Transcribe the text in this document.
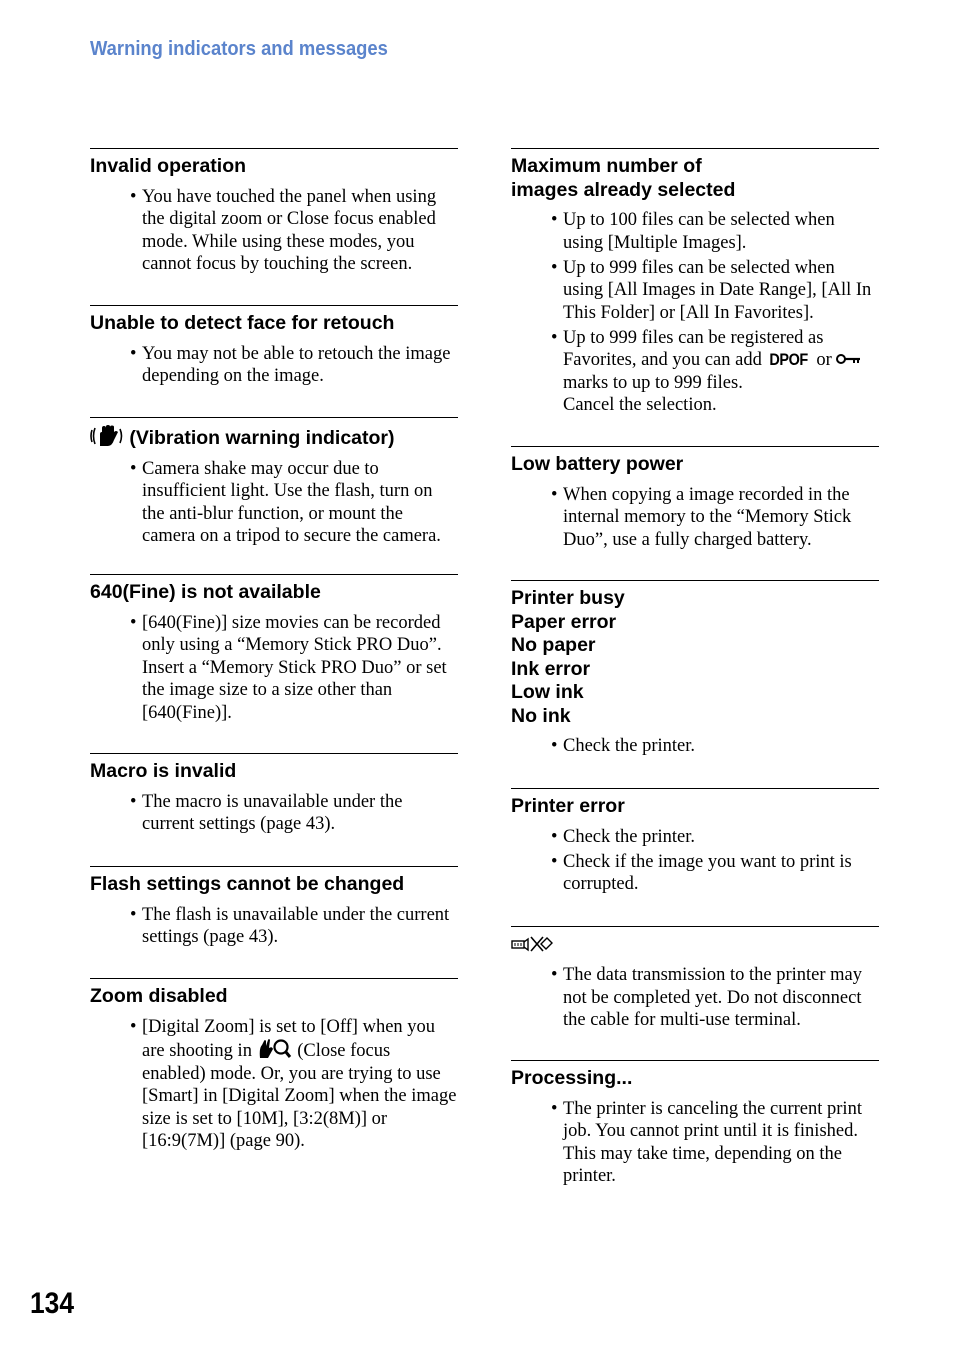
Warning indicators and messages
Invalid operation
• You have touched the panel when using the digital zoom or Close focus enabled mode. While using these modes, you cannot focus by touching the screen.
Unable to detect face for retouch
• You may not be able to retouch the image depending on the image.
(Vibration warning indicator)
• Camera shake may occur due to insufficient light. Use the flash, turn on the anti-blur function, or mount the camera on a tripod to secure the camera.
640(Fine) is not available
• [640(Fine)] size movies can be recorded only using a “Memory Stick PRO Duo”. Insert a “Memory Stick PRO Duo” or set the image size to a size other than [640(Fine)].
Macro is invalid
• The macro is unavailable under the current settings (page 43).
Flash settings cannot be changed
• The flash is unavailable under the current settings (page 43).
Zoom disabled
• [Digital Zoom] is set to [Off] when you are shooting in  (Close focus enabled) mode. Or, you are trying to use [Smart] in [Digital Zoom] when the image size is set to [10M], [3:2(8M)] or [16:9(7M)] (page 90).
Maximum number of
images already selected
• Up to 100 files can be selected when using [Multiple Images].
• Up to 999 files can be selected when using [All Images in Date Range], [All In This Folder] or [All In Favorites].
• Up to 999 files can be registered as Favorites, and you can add DPOF or  marks to up to 999 files.
Cancel the selection.
Low battery power
• When copying a image recorded in the internal memory to the “Memory Stick Duo”, use a fully charged battery.
Printer busy
Paper error
No paper
Ink error
Low ink
No ink
• Check the printer.
Printer error
• Check the printer.
• Check if the image you want to print is corrupted.
• The data transmission to the printer may not be completed yet. Do not disconnect the cable for multi-use terminal.
Processing...
• The printer is canceling the current print job. You cannot print until it is finished. This may take time, depending on the printer.
134
